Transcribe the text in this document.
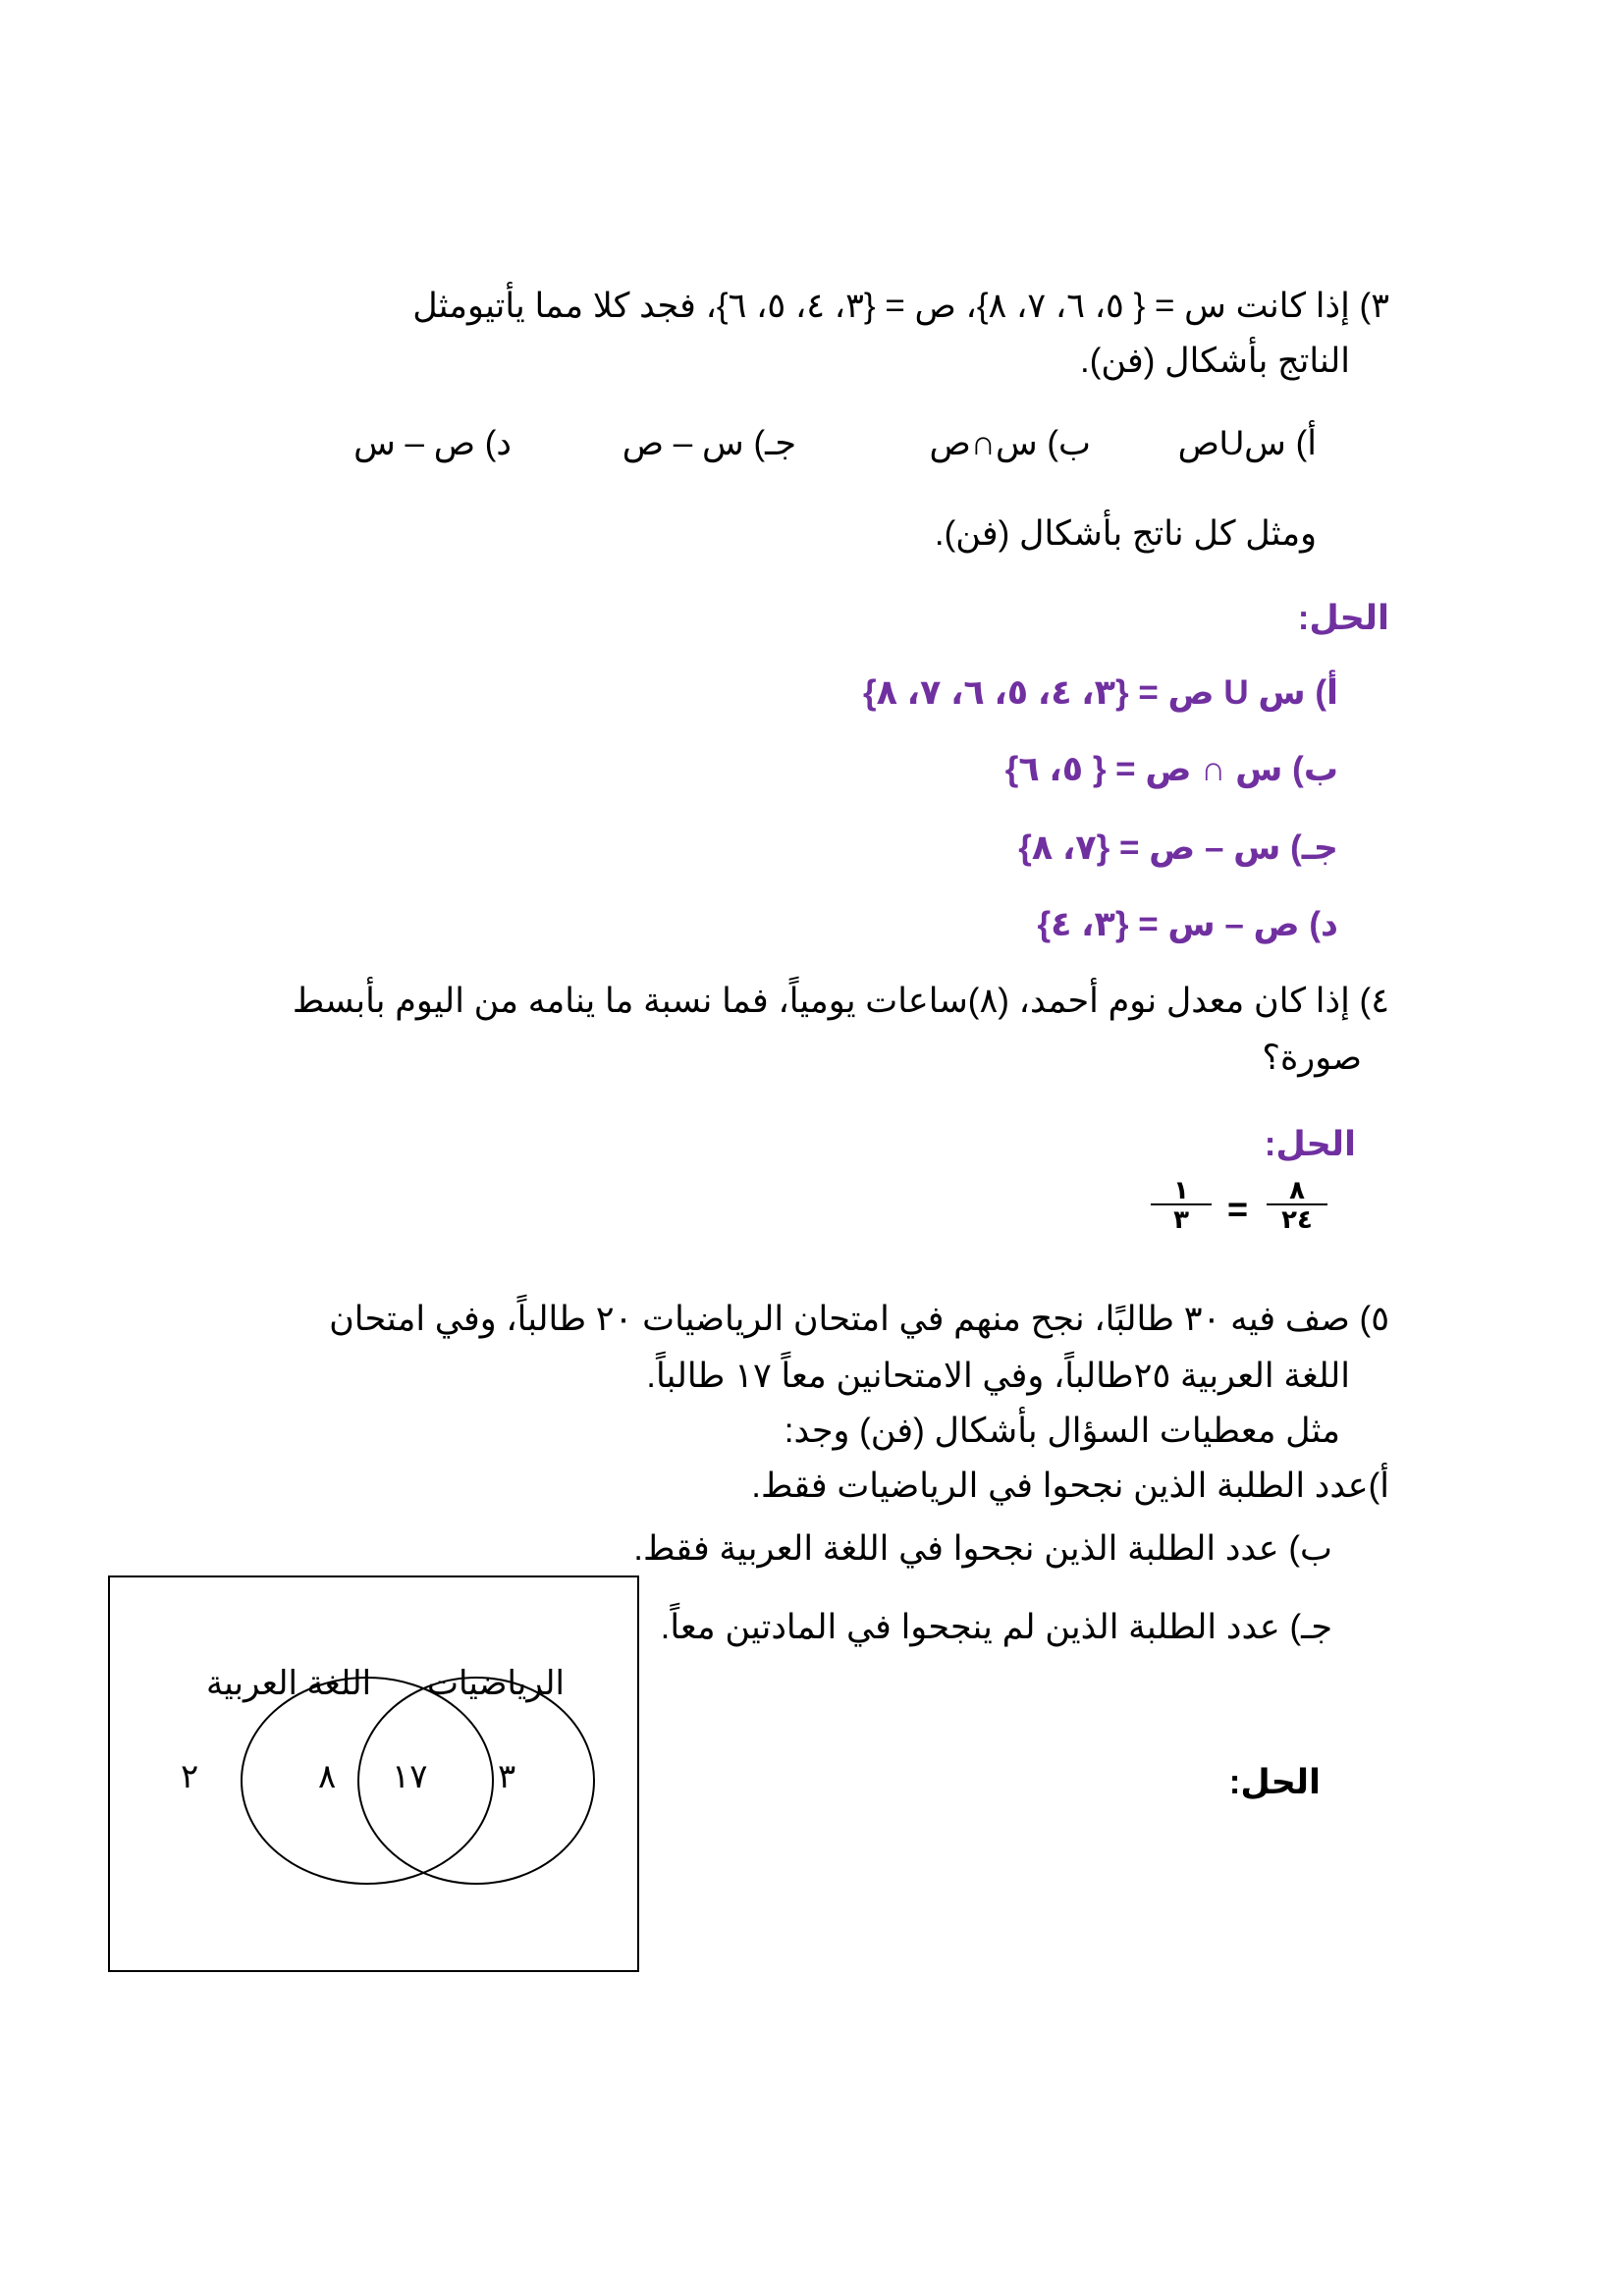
٣) إذا كانت س = { ٥، ٦، ٧، ٨}، ص = {٣، ٤، ٥، ٦}، فجد كلا مما يأتيومثل
الناتج بأشكال (فن).
أ) سUص
ب) س∩ص
جـ) س – ص
د) ص – س
ومثل كل ناتج بأشكال (فن).
الحل:
أ) س U ص = {٣، ٤، ٥، ٦، ٧، ٨}
ب) س ∩ ص = { ٥، ٦}
جـ) س – ص = {٧، ٨}
د) ص – س = {٣، ٤}
٤) إذا كان معدل نوم أحمد، (٨)ساعات يومياً، فما نسبة ما ينامه من اليوم بأبسط
صورة؟
الحل:
٨
٢٤
=
١
٣
٥) صف فيه ٣٠ طالبًا، نجح منهم في امتحان الرياضيات ٢٠ طالباً، وفي امتحان
اللغة العربية ٢٥طالباً، وفي الامتحانين معاً ١٧ طالباً.
مثل معطيات السؤال بأشكال (فن) وجد:
أ)عدد الطلبة الذين نجحوا في الرياضيات فقط.
ب) عدد الطلبة الذين نجحوا في اللغة العربية فقط.
جـ) عدد الطلبة الذين لم ينجحوا في المادتين معاً.
الحل:
الرياضيات
اللغة العربية
٣
١٧
٨
٢
